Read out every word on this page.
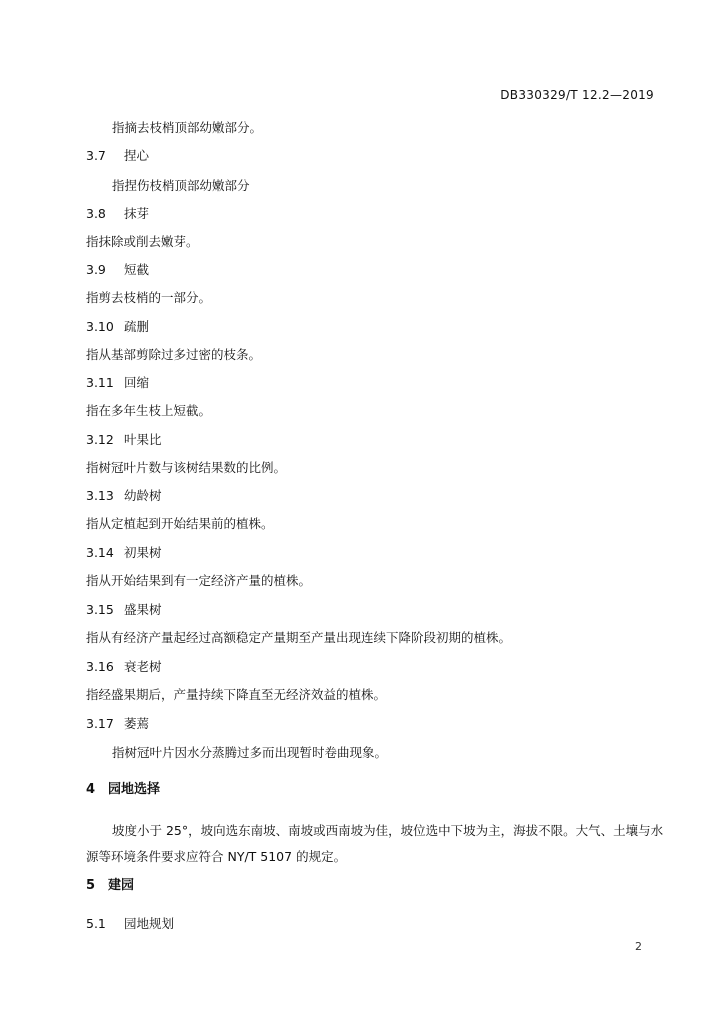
DB330329/T 12.2—2019
指摘去枝梢顶部幼嫩部分。
3.7 捏心
指捏伤枝梢顶部幼嫩部分
3.8 抹芽
指抹除或削去嫩芽。
3.9 短截
指剪去枝梢的一部分。
3.10 疏删
指从基部剪除过多过密的枝条。
3.11 回缩
指在多年生枝上短截。
3.12 叶果比
指树冠叶片数与该树结果数的比例。
3.13 幼龄树
指从定植起到开始结果前的植株。
3.14 初果树
指从开始结果到有一定经济产量的植株。
3.15 盛果树
指从有经济产量起经过高额稳定产量期至产量出现连续下降阶段初期的植株。
3.16 衰老树
指经盛果期后，产量持续下降直至无经济效益的植株。
3.17 萎蔫
指树冠叶片因水分蒸腾过多而出现暂时卷曲现象。
4 园地选择
坡度小于 25°，坡向选东南坡、南坡或西南坡为佳，坡位选中下坡为主，海拔不限。大气、土壤与水源等环境条件要求应符合 NY/T 5107 的规定。
5 建园
5.1 园地规划
2
